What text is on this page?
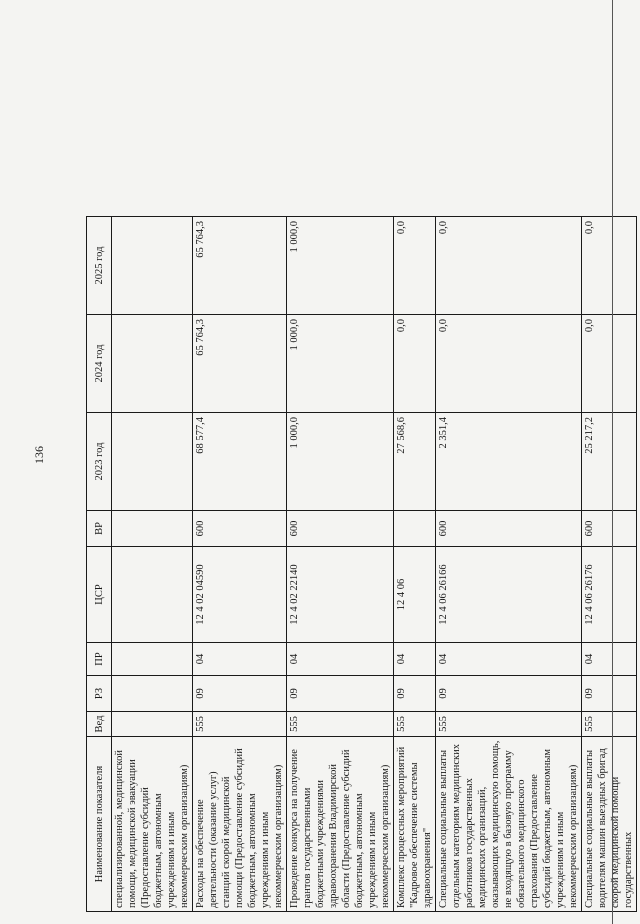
136
Наименование показателя	Вед	РЗ	ПР	ЦСР	ВР	2023 год	2024 год	2025 год
специализированной, медицинской помощи, медицинской эвакуации (Предоставление субсидий бюджетным, автономным учреждениям и иным некоммерческим организациям)								
Расходы на обеспечение деятельности (оказание услуг) станций скорой медицинской помощи (Предоставление субсидий бюджетным, автономным учреждениям и иным некоммерческим организациям)	555	09	04	12 4 02 04590	600	68 577,4	65 764,3	65 764,3
Проведение конкурса на получение грантов государственными бюджетными учреждениями здравоохранения Владимирской области (Предоставление субсидий бюджетным, автономным учреждениям и иным некоммерческим организациям)	555	09	04	12 4 02 22140	600	1 000,0	1 000,0	1 000,0
Комплекс процессных мероприятий "Кадровое обеспечение системы здравоохранения"	555	09	04	12 4 06		27 568,6	0,0	0,0
Специальные социальные выплаты отдельным категориям медицинских работников государственных медицинских организаций, оказывающих медицинскую помощь, не входящую в базовую программу обязательного медицинского страхования (Предоставление субсидий бюджетным, автономным учреждениям и иным некоммерческим организациям)	555	09	04	12 4 06 26166	600	2 351,4	0,0	0,0
Специальные социальные выплаты водителям машин выездных бригад скорой медицинской помощи государственных	555	09	04	12 4 06 26176	600	25 217,2	0,0	0,0
